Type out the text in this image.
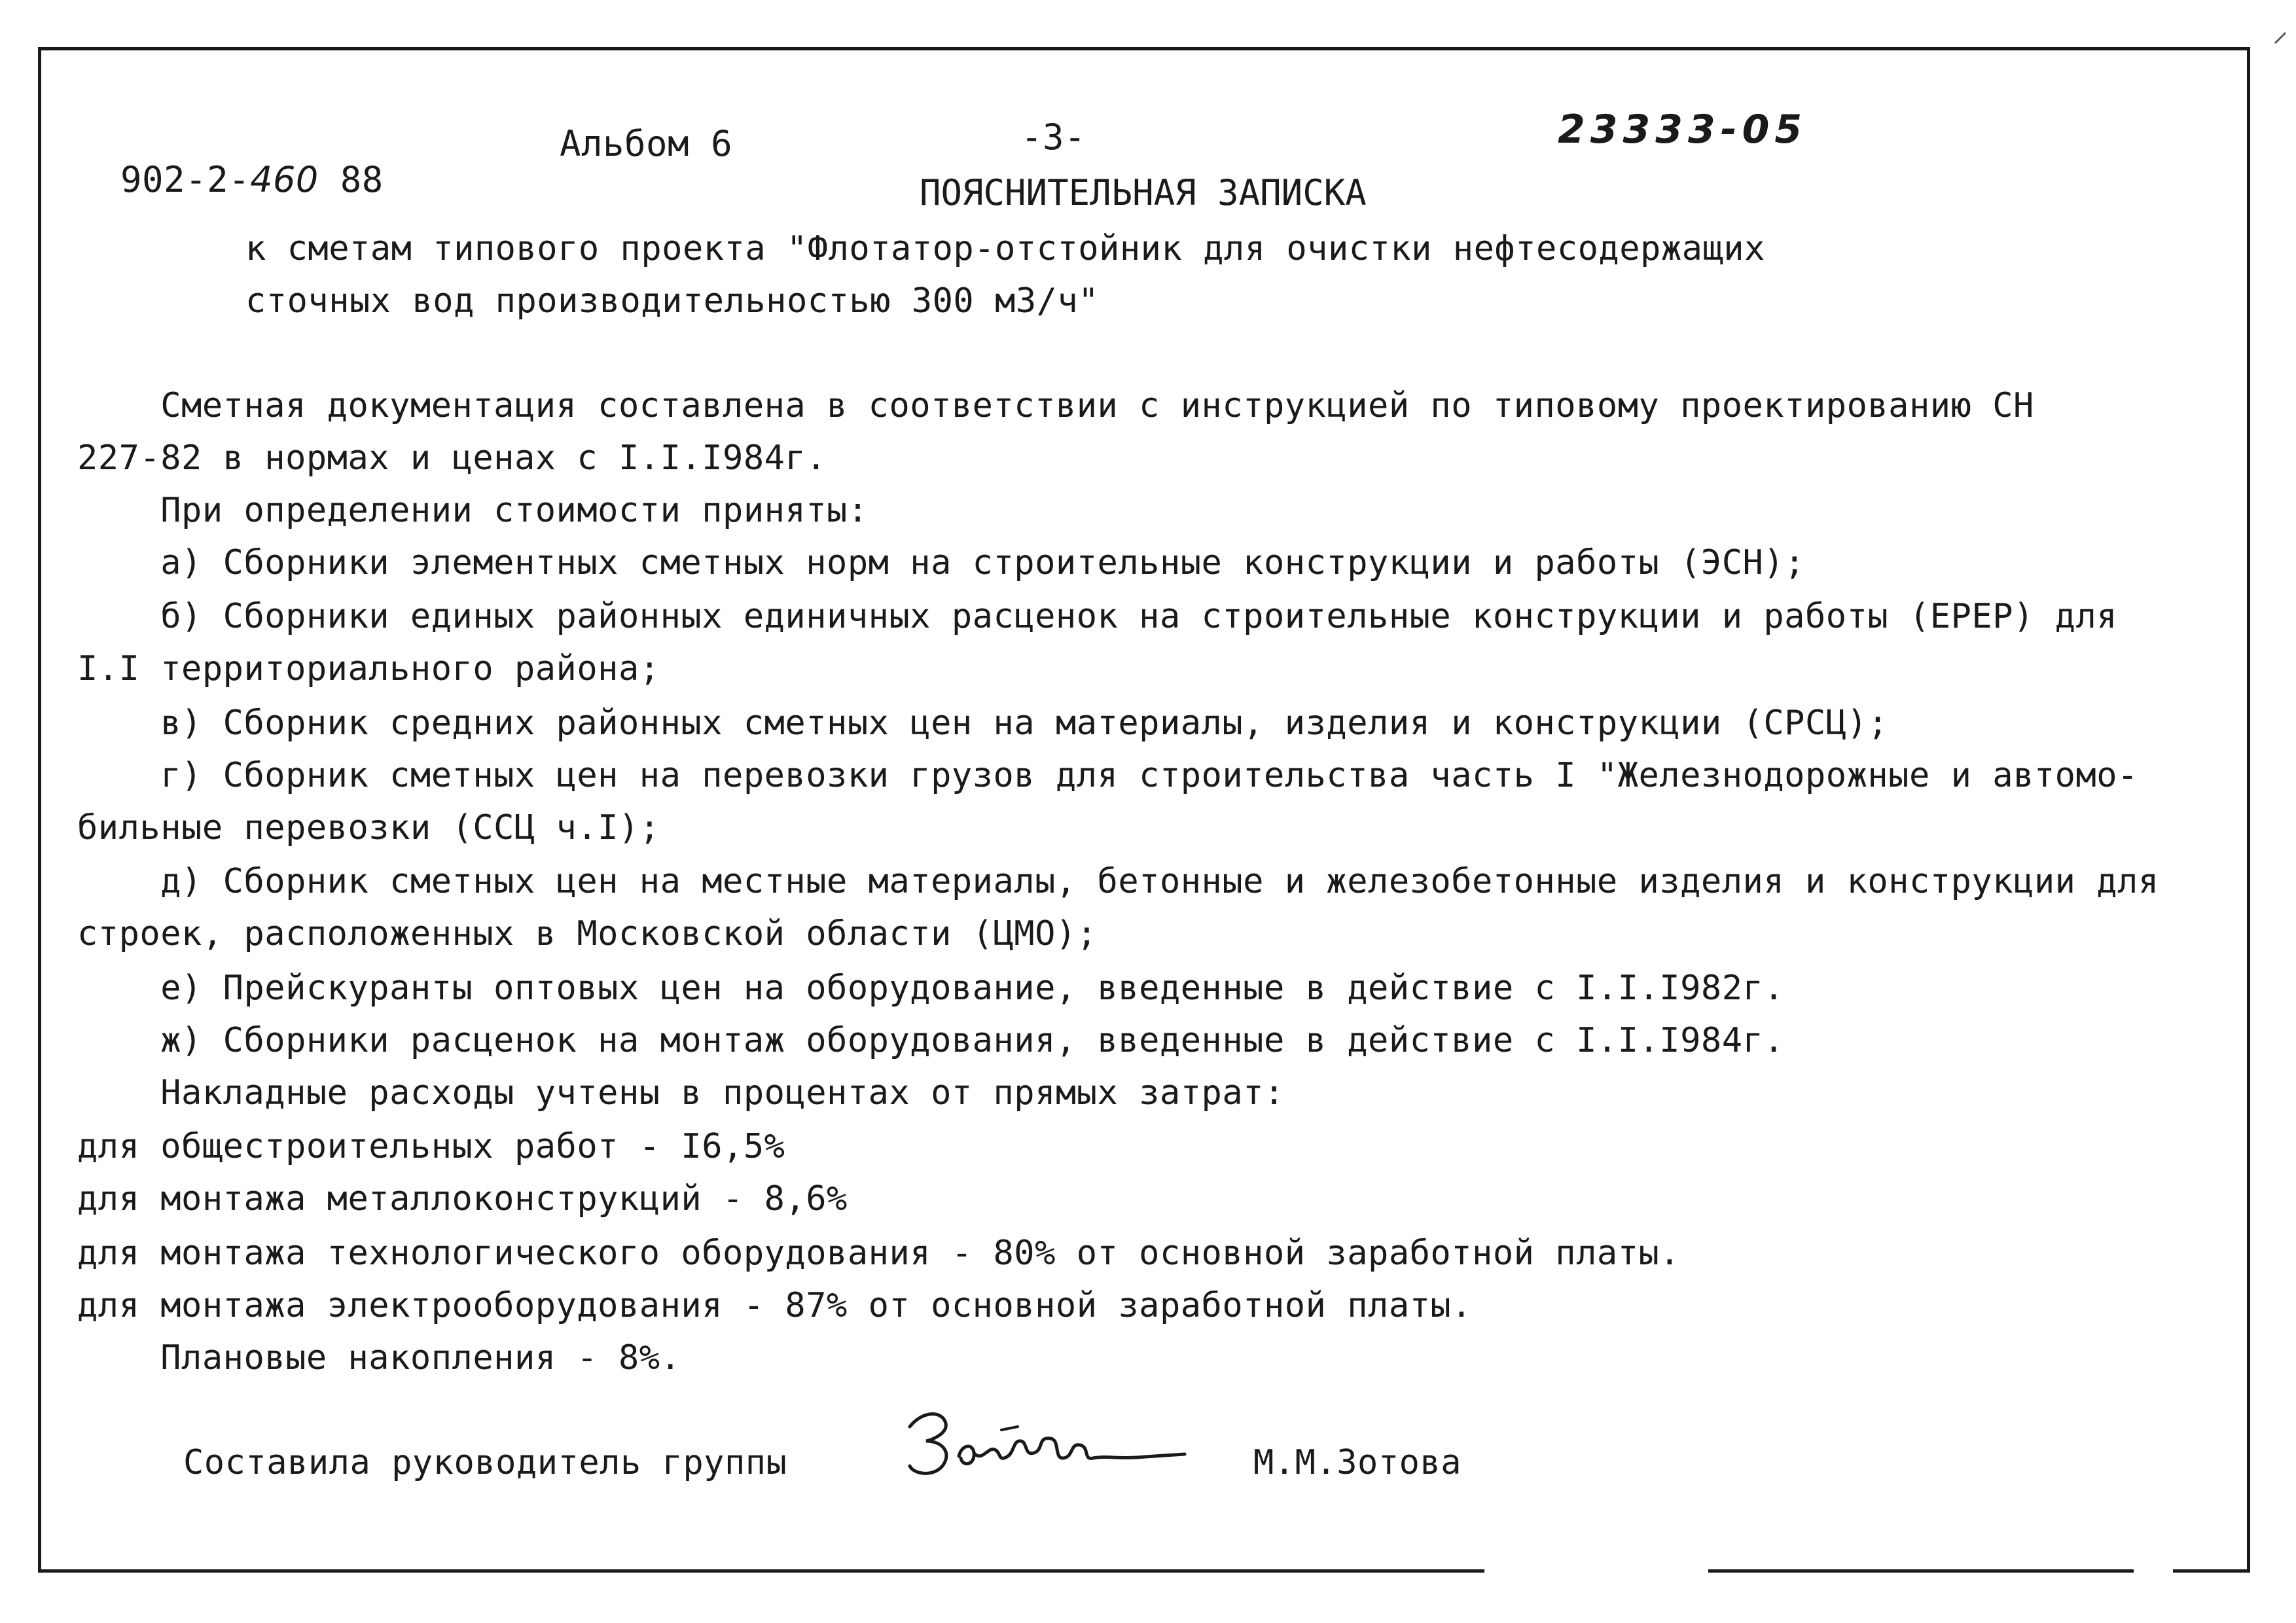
902-2-460 88

Альбом 6	-3-	23333-05
ПОЯСНИТЕЛЬНАЯ ЗАПИСКА
к сметам типового проекта "Флотатор-отстойник для очистки нефтесодержащих
сточных вод производительностью 300 м3/ч"
Сметная документация составлена в соответствии с инструкцией по типовому проектированию СН
227-82 в нормах и ценах с I.I.I984г.
При определении стоимости приняты:
а) Сборники элементных сметных норм на строительные конструкции и работы (ЭСН);
б) Сборники единых районных единичных расценок на строительные конструкции и работы (ЕРЕР) для
I.I территориального района;
в) Сборник средних районных сметных цен на материалы, изделия и конструкции (СРСЦ);
г) Сборник сметных цен на перевозки грузов для строительства часть I "Железнодорожные и автомо-
бильные перевозки (ССЦ ч.I);
д) Сборник сметных цен на местные материалы, бетонные и железобетонные изделия и конструкции для
строек, расположенных в Московской области (ЦМО);
е) Прейскуранты оптовых цен на оборудование, введенные в действие с I.I.I982г.
ж) Сборники расценок на монтаж оборудования, введенные в действие с I.I.I984г.
Накладные расходы учтены в процентах от прямых затрат:
для общестроительных работ - I6,5%
для монтажа металлоконструкций - 8,6%
для монтажа технологического оборудования - 80% от основной заработной платы.
для монтажа электрооборудования - 87% от основной заработной платы.
Плановые накопления - 8%.
Составила руководитель группы	М.М.Зотова
